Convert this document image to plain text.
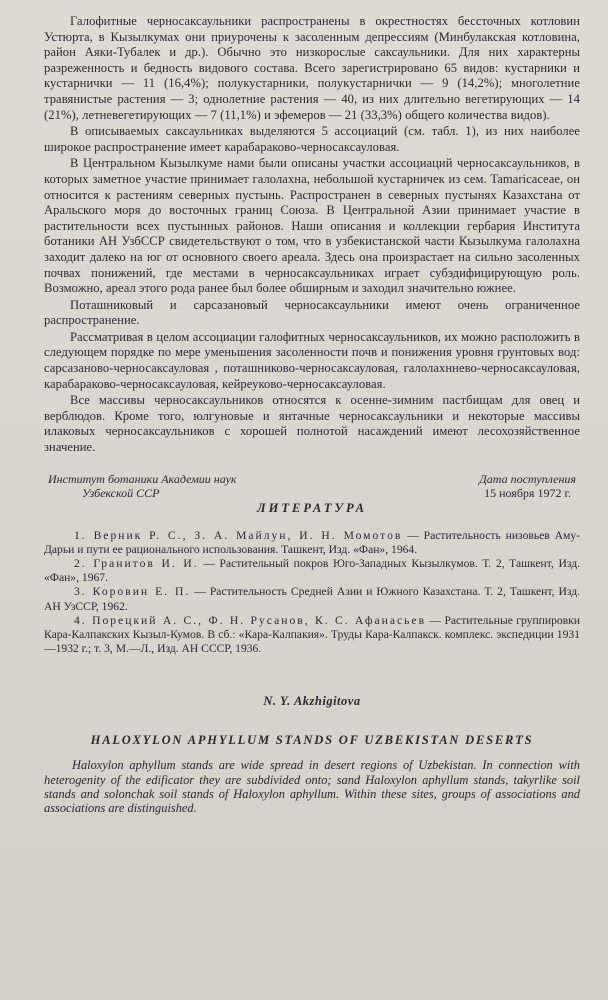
Галофитные черносаксаульники распространены в окрестностях бессточных котловин Устюрта, в Кызылкумах они приурочены к засоленным депрессиям (Минбулакская котловина, район Аяки-Тубалек и др.). Обычно это низкорослые саксаульники. Для них характерны разреженность и бедность видового состава. Всего зарегистрировано 65 видов: кустарники и кустарнички — 11 (16,4%); полукустарники, полукустарнички — 9 (14,2%); многолетние травянистые растения — 3; однолетние растения — 40, из них длительно вегетирующих — 14 (21%), летневегетирующих — 7 (11,1%) и эфемеров — 21 (33,3%) общего количества видов).

В описываемых саксаульниках выделяются 5 ассоциаций (см. табл. 1), из них наиболее широкое распространение имеет карабараково-черносаксауловая.

В Центральном Кызылкуме нами были описаны участки ассоциаций черносаксаульников, в которых заметное участие принимает галолахна, небольшой кустарничек из сем. Tamaricaceae, он относится к растениям северных пустынь. Распространен в северных пустынях Казахстана от Аральского моря до восточных границ Союза. В Центральной Азии принимает участие в растительности всех пустынных районов. Наши описания и коллекции гербария Института ботаники АН УзбССР свидетельствуют о том, что в узбекистанской части Кызылкума галолахна заходит далеко на юг от основного своего ареала. Здесь она произрастает на сильно засоленных почвах понижений, где местами в черносаксаульниках играет субэдифицирующую роль. Возможно, ареал этого рода ранее был более обширным и заходил значительно южнее.

Поташниковый и сарсазановый черносаксаульники имеют очень ограниченное распространение.

Рассматривая в целом ассоциации галофитных черносаксаульников, их можно расположить в следующем порядке по мере уменьшения засоленности почв и понижения уровня грунтовых вод: сарсазаново-черносаксауловая , поташниково-черносаксауловая, галолахннево-черносаксауловая, карабараково-черносаксауловая, кейреуково-черносаксауловая.

Все массивы черносаксаульников относятся к осенне-зимним пастбищам для овец и верблюдов. Кроме того, юлгуновые и янтачные черносаксаульники и некоторые массивы илаковых черносаксаульников с хорошей полнотой насаждений имеют лесохозяйственное значение.

Институт ботаники Академии наук
Узбекской ССР
Дата поступления
15 ноября 1972 г.
ЛИТЕРАТУРА
1. Верник Р. С., З. А. Майлун, И. Н. Момотов — Растительность низовьев Аму-Дарьи и пути ее рационального использования. Ташкент, Изд. «Фан», 1964.
2. Гранитов И. И. — Растительный покров Юго-Западных Кызылкумов. Т. 2, Ташкент, Изд. «Фан», 1967.
3. Коровин Е. П. — Растительность Средней Азии и Южного Казахстана. Т. 2, Ташкент, Изд. АН УзССР, 1962.
4. Порецкий А. С., Ф. Н. Русанов, К. С. Афанасьев — Растительные группировки Кара-Калпакских Кызыл-Кумов. В сб.: «Кара-Калпакия». Труды Кара-Калпакск. комплекс. экспедиции 1931—1932 г.; т. 3, М.—Л., Изд. АН СССР, 1936.
N. Y. Akzhigitova
HALOXYLON APHYLLUM STANDS OF UZBEKISTAN DESERTS

Haloxylon aphyllum stands are wide spread in desert regions of Uzbekistan. In connection with heterogenity of the edificator they are subdivided onto; sand Haloxylon aphyllum stands, takyrlike soil stands and solonchak soil stands of Haloxylon aphyllum. Within these sites, groups of associations and associations are distinguished.
